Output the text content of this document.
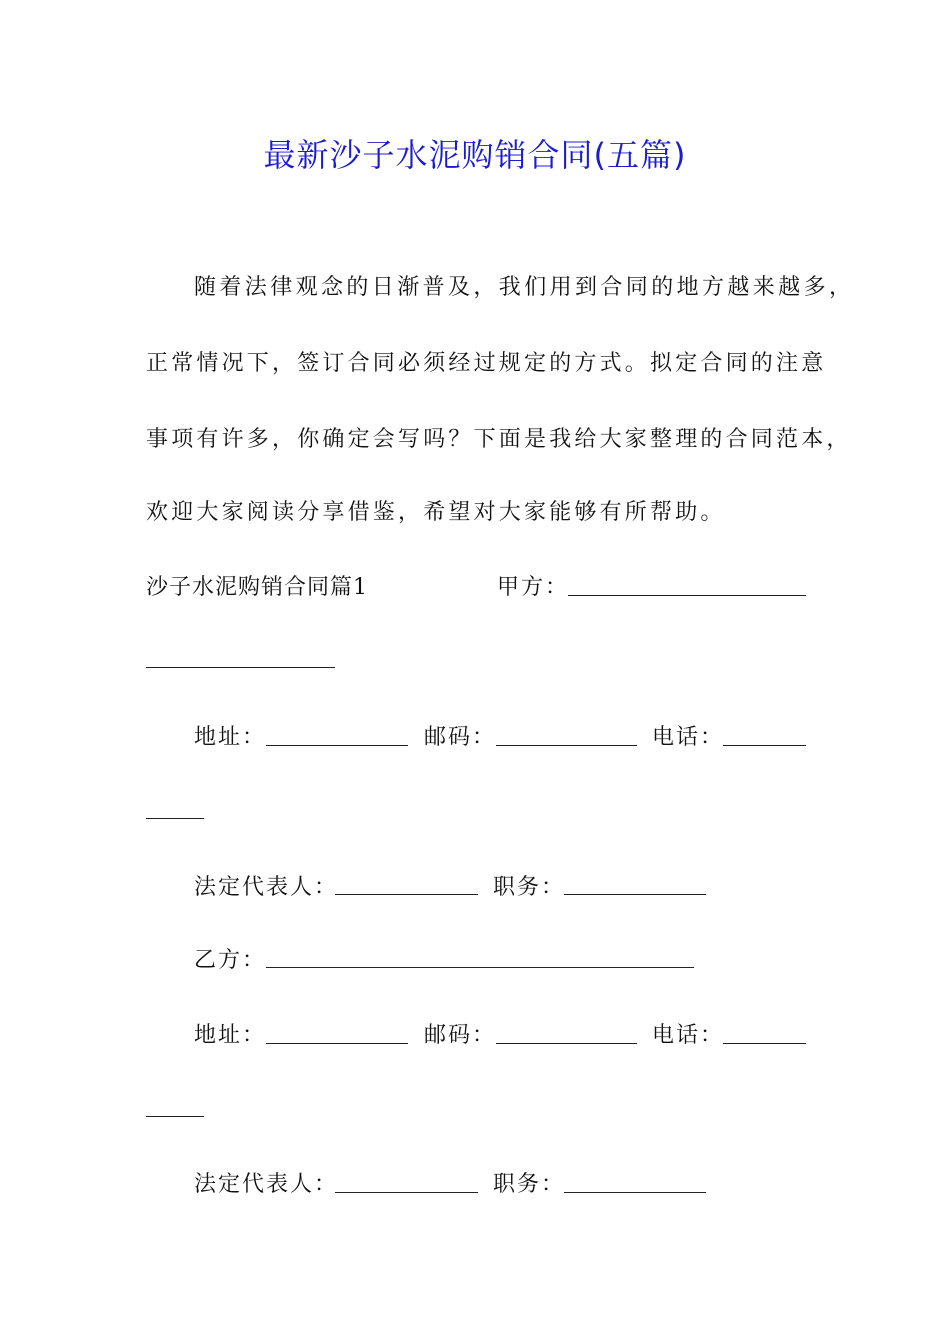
最新沙子水泥购销合同(五篇)
随着法律观念的日渐普及，我们用到合同的地方越来越多，
正常情况下，签订合同必须经过规定的方式。拟定合同的注意
事项有许多，你确定会写吗？下面是我给大家整理的合同范本，
欢迎大家阅读分享借鉴，希望对大家能够有所帮助。
沙子水泥购销合同篇1	甲方：
地址：	邮码：	电话：
法定代表人：	职务：
乙方：
地址：	邮码：	电话：
法定代表人：	职务：
